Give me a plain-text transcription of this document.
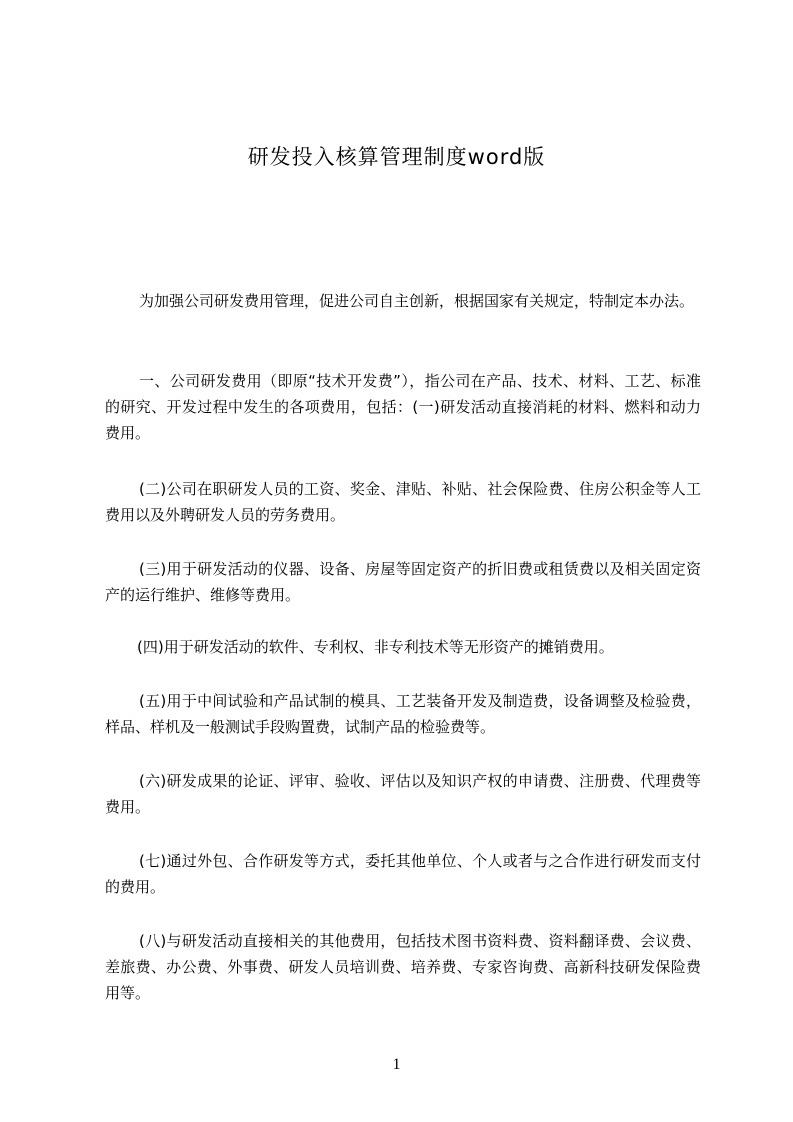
研发投入核算管理制度word版

为加强公司研发费用管理，促进公司自主创新，根据国家有关规定，特制定本办法。

一、公司研发费用（即原“技术开发费”），指公司在产品、技术、材料、工艺、标准的研究、开发过程中发生的各项费用，包括：(一)研发活动直接消耗的材料、燃料和动力费用。

(二)公司在职研发人员的工资、奖金、津贴、补贴、社会保险费、住房公积金等人工费用以及外聘研发人员的劳务费用。

(三)用于研发活动的仪器、设备、房屋等固定资产的折旧费或租赁费以及相关固定资产的运行维护、维修等费用。

(四)用于研发活动的软件、专利权、非专利技术等无形资产的摊销费用。

(五)用于中间试验和产品试制的模具、工艺装备开发及制造费，设备调整及检验费，样品、样机及一般测试手段购置费，试制产品的检验费等。

(六)研发成果的论证、评审、验收、评估以及知识产权的申请费、注册费、代理费等费用。

(七)通过外包、合作研发等方式，委托其他单位、个人或者与之合作进行研发而支付的费用。

(八)与研发活动直接相关的其他费用，包括技术图书资料费、资料翻译费、会议费、差旅费、办公费、外事费、研发人员培训费、培养费、专家咨询费、高新科技研发保险费用等。

1
